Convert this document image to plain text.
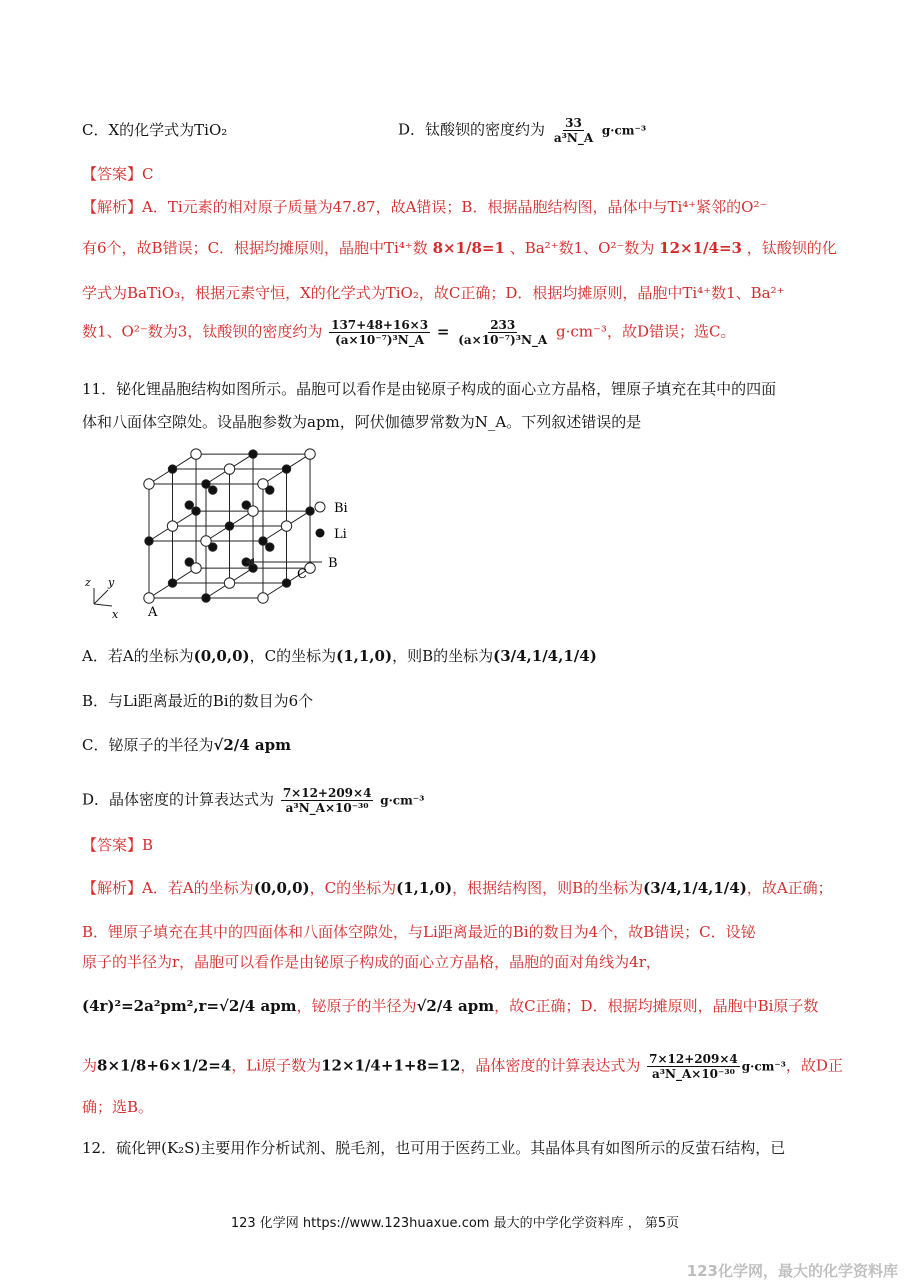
C．X的化学式为TiO₂	D．钛酸钡的密度约为 $\frac{33}{\text{a³N\_A}} g\cdot cm^{-3}$
【答案】C
【解析】A．Ti元素的相对原子质量为47.87，故A错误；B．根据晶胞结构图，晶体中与Ti⁴⁺紧邻的O²⁻
有6个，故B错误；C．根据均摊原则，晶胞中Ti⁴⁺数 8×1/8=1 、Ba²⁺数1、O²⁻数为 12×1/4=3 ，钛酸钡的化
学式为BaTiO₃，根据元素守恒，X的化学式为TiO₂，故C正确；D．根据均摊原则，晶胞中Ti⁴⁺数1、Ba²⁺
数1、O²⁻数为3，钛酸钡的密度约为 $\frac{137+48+16\times 3}{\text{(a×10⁻⁷)³N\_A}} = \frac{233}{\text{(a×10⁻⁷)³N\_A}} g\cdot cm^{-3}$，故D错误；选C。
11．铋化锂晶胞结构如图所示。晶胞可以看作是由铋原子构成的面心立方晶格，锂原子填充在其中的四面
体和八面体空隙处。设晶胞参数为apm，阿伏伽德罗常数为N_A。下列叙述错误的是
Bi
Li
A
B
C
z y
x
A．若A的坐标为(0,0,0)，C的坐标为(1,1,0)，则B的坐标为(3/4,1/4,1/4)
B．与Li距离最近的Bi的数目为6个
C．铋原子的半径为√2/4 apm
D．晶体密度的计算表达式为 $\frac{7\times 12+209\times 4}{\text{a³N\_A×10⁻³⁰}} g\cdot cm^{-3}$
【答案】B
【解析】A．若A的坐标为(0,0,0)，C的坐标为(1,1,0)，根据结构图，则B的坐标为(3/4,1/4,1/4)，故A正确；
B．锂原子填充在其中的四面体和八面体空隙处，与Li距离最近的Bi的数目为4个，故B错误；C．设铋
原子的半径为r，晶胞可以看作是由铋原子构成的面心立方晶格，晶胞的面对角线为4r，
(4r)²=2a²pm²,r=√2/4 apm，铋原子的半径为√2/4 apm，故C正确；D．根据均摊原则，晶胞中Bi原子数
为8×1/8+6×1/2=4，Li原子数为12×1/4+1+8=12，晶体密度的计算表达式为 $\frac{7\times 12+209\times 4}{\text{a³N\_A×10⁻³⁰}} g\cdot cm^{-3}$，故D正
确；选B。
12．硫化钾(K₂S)主要用作分析试剂、脱毛剂，也可用于医药工业。其晶体具有如图所示的反萤石结构，已
123 化学网 https://www.123huaxue.com 最大的中学化学资料库 ， 第5页
123化学网，最大的化学资料库
